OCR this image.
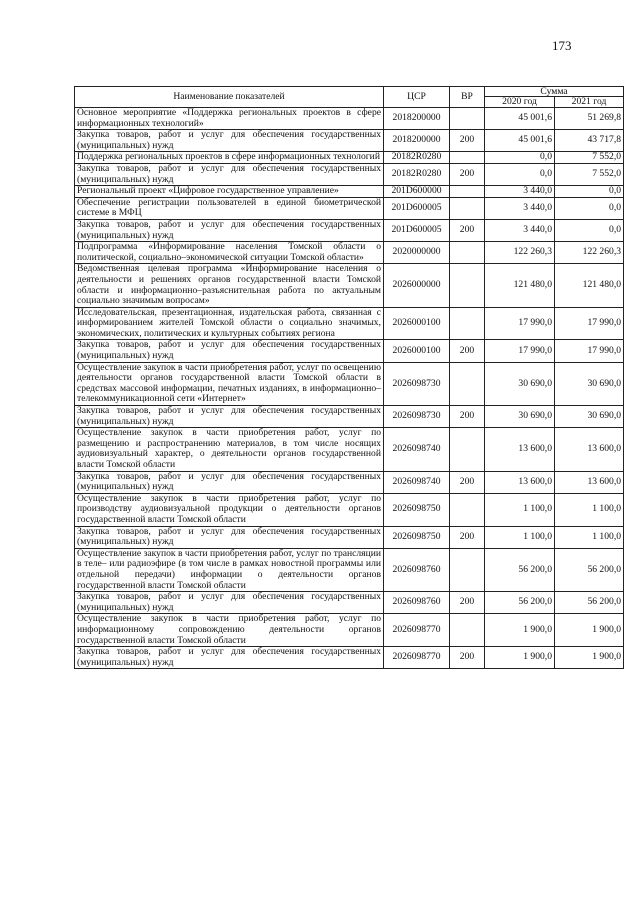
173
Наименование показателей	ЦСР	ВР	Сумма	
			2020 год	2021 год
Основное мероприятие «Поддержка региональных проектов в сфере информационных технологий»	2018200000		45 001,6	51 269,8
Закупка товаров, работ и услуг для обеспечения государственных (муниципальных) нужд	2018200000	200	45 001,6	43 717,8
Поддержка региональных проектов в сфере информационных технологий	20182R0280		0,0	7 552,0
Закупка товаров, работ и услуг для обеспечения государственных (муниципальных) нужд	20182R0280	200	0,0	7 552,0
Региональный проект «Цифровое государственное управление»	201D600000		3 440,0	0,0
Обеспечение регистрации пользователей в единой биометрической системе в МФЦ	201D600005		3 440,0	0,0
Закупка товаров, работ и услуг для обеспечения государственных (муниципальных) нужд	201D600005	200	3 440,0	0,0
Подпрограмма «Информирование населения Томской области о политической, социально–экономической ситуации Томской области»	2020000000		122 260,3	122 260,3
Ведомственная целевая программа «Информирование населения о деятельности и решениях органов государственной власти Томской области и информационно–разъяснительная работа по актуальным социально значимым вопросам»	2026000000		121 480,0	121 480,0
Исследовательская, презентационная, издательская работа, связанная с информированием жителей Томской области о социально значимых, экономических, политических и культурных событиях региона	2026000100		17 990,0	17 990,0
Закупка товаров, работ и услуг для обеспечения государственных (муниципальных) нужд	2026000100	200	17 990,0	17 990,0
Осуществление закупок в части приобретения работ, услуг по освещению деятельности органов государственной власти Томской области в средствах массовой информации, печатных изданиях, в информационно–телекоммуникационной сети «Интернет»	2026098730		30 690,0	30 690,0
Закупка товаров, работ и услуг для обеспечения государственных (муниципальных) нужд	2026098730	200	30 690,0	30 690,0
Осуществление закупок в части приобретения работ, услуг по размещению и распространению материалов, в том числе носящих аудиовизуальный характер, о деятельности органов государственной власти Томской области	2026098740		13 600,0	13 600,0
Закупка товаров, работ и услуг для обеспечения государственных (муниципальных) нужд	2026098740	200	13 600,0	13 600,0
Осуществление закупок в части приобретения работ, услуг по производству аудиовизуальной продукции о деятельности органов государственной власти Томской области	2026098750		1 100,0	1 100,0
Закупка товаров, работ и услуг для обеспечения государственных (муниципальных) нужд	2026098750	200	1 100,0	1 100,0
Осуществление закупок в части приобретения работ, услуг по трансляции в теле– или радиоэфире (в том числе в рамках новостной программы или отдельной передачи) информации о деятельности органов государственной власти Томской области	2026098760		56 200,0	56 200,0
Закупка товаров, работ и услуг для обеспечения государственных (муниципальных) нужд	2026098760	200	56 200,0	56 200,0
Осуществление закупок в части приобретения работ, услуг по информационному сопровождению деятельности органов государственной власти Томской области	2026098770		1 900,0	1 900,0
Закупка товаров, работ и услуг для обеспечения государственных (муниципальных) нужд	2026098770	200	1 900,0	1 900,0
